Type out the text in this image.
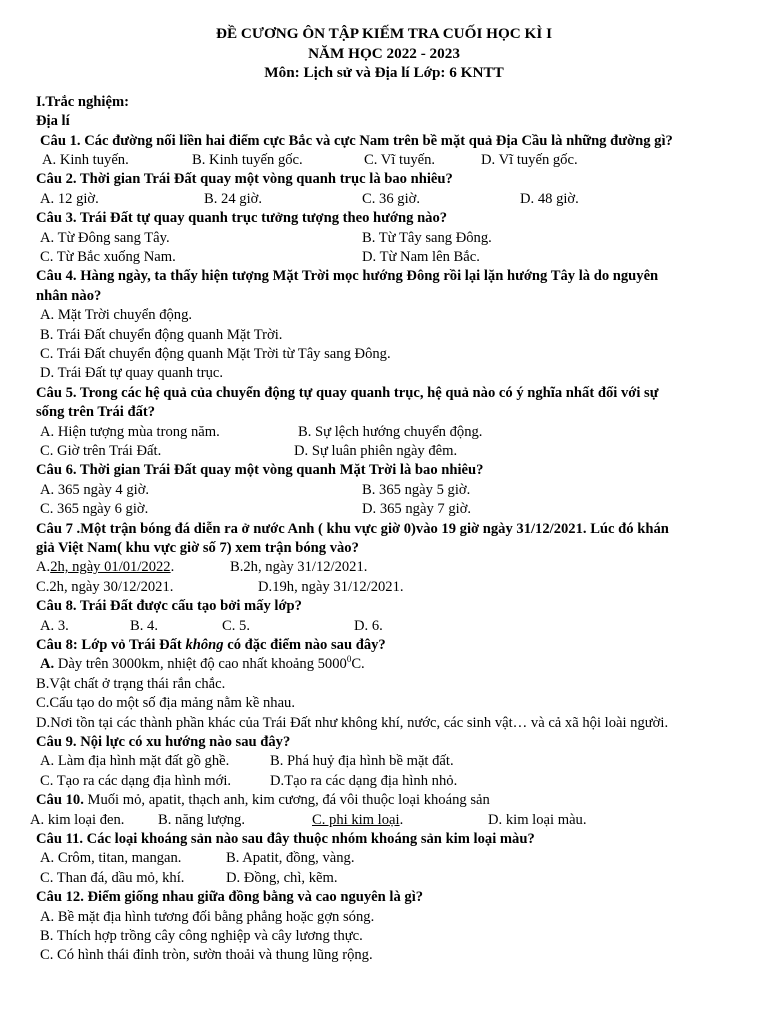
ĐỀ CƯƠNG ÔN TẬP KIẾM TRA CUỐI HỌC KÌ I
NĂM HỌC 2022 - 2023
Môn: Lịch sử và Địa lí Lớp: 6 KNTT
I.Trắc nghiệm:
Địa lí
Câu 1. Các đường nối liền hai điểm cực Bắc và cực Nam trên bề mặt quả Địa Cầu là những đường gì?
A. Kinh tuyến.	B. Kinh tuyến gốc.	C. Vĩ tuyến.	D. Vĩ tuyến gốc.
Câu 2. Thời gian Trái Đất quay một vòng quanh trục là bao nhiêu?
A. 12 giờ.	B. 24 giờ.	C. 36 giờ.	D. 48 giờ.
Câu 3. Trái Đất tự quay quanh trục tưởng tượng theo hướng nào?
A. Từ Đông sang Tây.	B. Từ Tây sang Đông.
C. Từ Bắc xuống Nam.	D. Từ Nam lên Bắc.
Câu 4. Hàng ngày, ta thấy hiện tượng Mặt Trời mọc hướng Đông rồi lại lặn hướng Tây là do nguyên
nhân nào?
A. Mặt Trời chuyển động.
B. Trái Đất chuyển động quanh Mặt Trời.
C. Trái Đất chuyển động quanh Mặt Trời từ Tây sang Đông.
D. Trái Đất tự quay quanh trục.
Câu 5. Trong các hệ quả của chuyển động tự quay quanh trục, hệ quả nào có ý nghĩa nhất đối với sự
sống trên Trái đất?
A. Hiện tượng mùa trong năm.	B. Sự lệch hướng chuyển động.
C. Giờ trên Trái Đất.	D. Sự luân phiên ngày đêm.
Câu 6. Thời gian Trái Đất quay một vòng quanh Mặt Trời là bao nhiêu?
A. 365 ngày 4 giờ.	B. 365 ngày 5 giờ.
C. 365 ngày 6 giờ.	D. 365 ngày 7 giờ.
Câu 7 .Một trận bóng đá diễn ra ở nước Anh ( khu vực giờ 0)vào 19 giờ ngày 31/12/2021. Lúc đó khán
giả Việt Nam( khu vực giờ số 7) xem trận bóng vào?
A.2h, ngày 01/01/2022.	B.2h, ngày 31/12/2021.
C.2h, ngày 30/12/2021.	D.19h, ngày 31/12/2021.
Câu 8. Trái Đất được cấu tạo bởi mấy lớp?
A. 3.	B. 4.	C. 5.	D. 6.
Câu 8: Lớp vỏ Trái Đất không có đặc điểm nào sau đây?
A. Dày trên 3000km, nhiệt độ cao nhất khoảng 5000$^0$C.
B.Vật chất ở trạng thái rắn chắc.
C.Cấu tạo do một số địa mảng nằm kề nhau.
D.Nơi tồn tại các thành phần khác của Trái Đất như không khí, nước, các sinh vật… và cả xã hội loài người.
Câu 9. Nội lực có xu hướng nào sau đây?
A. Làm địa hình mặt đất gồ ghề.	B. Phá huỷ địa hình bề mặt đất.
C. Tạo ra các dạng địa hình mới.	D.Tạo ra các dạng địa hình nhỏ.
Câu 10. Muối mỏ, apatit, thạch anh, kim cương, đá vôi thuộc loại khoáng sản
A. kim loại đen. B. năng lượng.	C. phi kim loại.	D. kim loại màu.
Câu 11. Các loại khoáng sản nào sau đây thuộc nhóm khoáng sản kim loại màu?
A. Crôm, titan, mangan.	B. Apatit, đồng, vàng.
C. Than đá, dầu mỏ, khí.	D. Đồng, chì, kẽm.
Câu 12. Điểm giống nhau giữa đồng bằng và cao nguyên là gì?
A. Bề mặt địa hình tương đối bằng phẳng hoặc gợn sóng.
B. Thích hợp trồng cây công nghiệp và cây lương thực.
C. Có hình thái đỉnh tròn, sườn thoải và thung lũng rộng.
